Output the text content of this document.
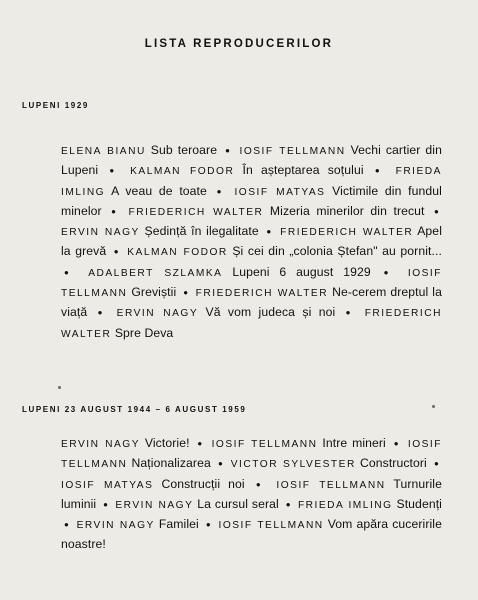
LISTA REPRODUCERILOR
LUPENI 1929
ELENA BIANU Sub teroare ● IOSIF TELLMANN Vechi cartier din Lupeni ● KALMAN FODOR În așteptarea soțului ● FRIEDA IMLING A veau de toate ● IOSIF MATYAS Victimile din fundul minelor ● FRIEDERICH WALTER Mizeria minerilor din trecut ● ERVIN NAGY Ședință în ilegalitate ● FRIEDERICH WALTER Apel la grevă ● KALMAN FODOR Și cei din „colonia Ștefan" au pornit... ● ADALBERT SZLAMKA Lupeni 6 august 1929 ● IOSIF TELLMANN Greviștii ● FRIEDERICH WALTER Ne-cerem dreptul la viață ● ERVIN NAGY Vă vom judeca și noi ● FRIEDERICH WALTER Spre Deva
LUPENI 23 AUGUST 1944 – 6 AUGUST 1959
ERVIN NAGY Victorie! ● IOSIF TELLMANN Intre mineri ● IOSIF TELLMANN Naționalizarea ● VICTOR SYLVESTER Constructori ● IOSIF MATYAS Construcții noi ● IOSIF TELLMANN Turnurile luminii ● ERVIN NAGY La cursul seral ● FRIEDA IMLING Studenți ● ERVIN NAGY Familei ● IOSIF TELLMANN Vom apăra cuceririle noastre!
